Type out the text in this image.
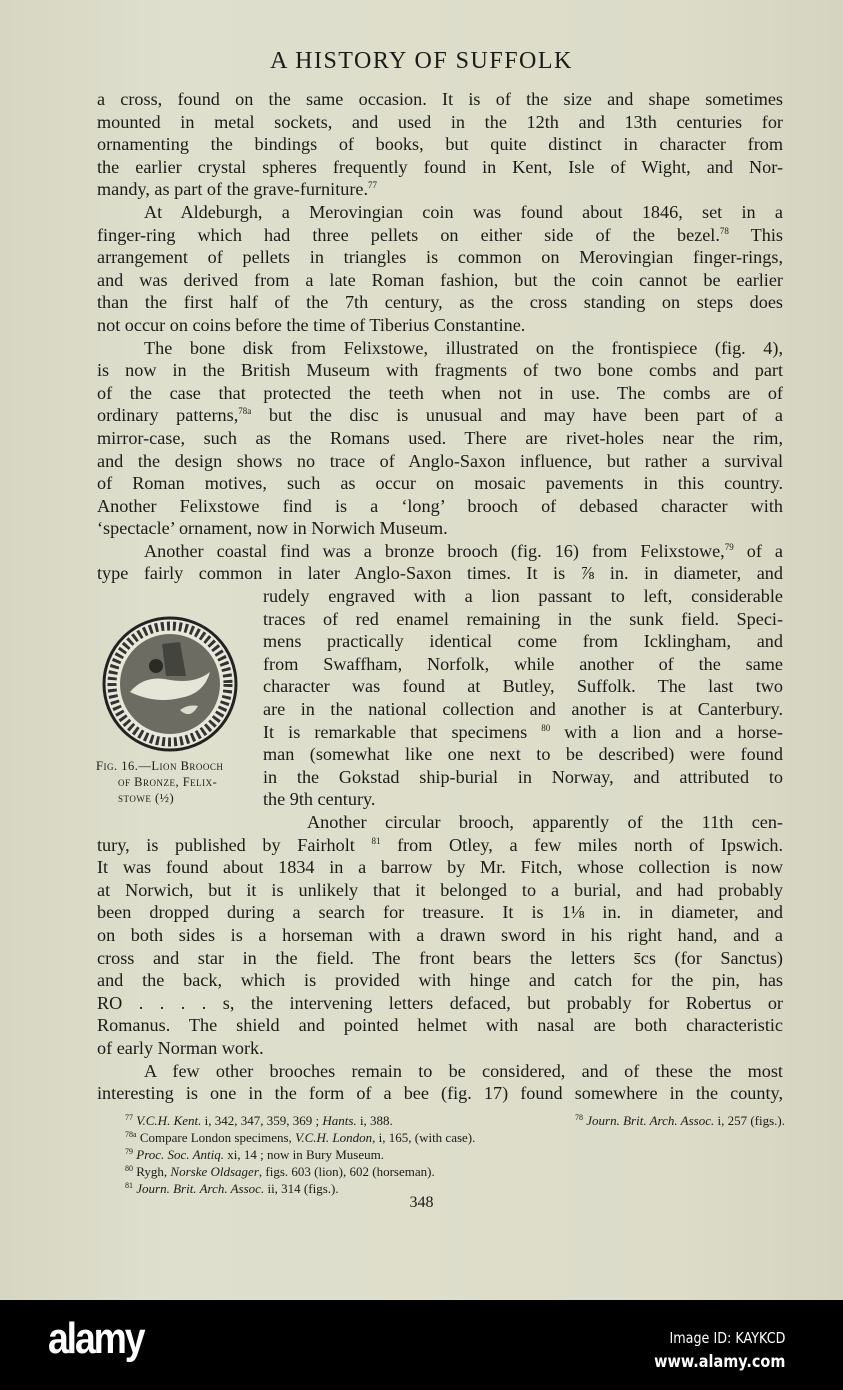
A HISTORY OF SUFFOLK
a cross, found on the same occasion. It is of the size and shape sometimes
mounted in metal sockets, and used in the 12th and 13th centuries for
ornamenting the bindings of books, but quite distinct in character from
the earlier crystal spheres frequently found in Kent, Isle of Wight, and Nor-
mandy, as part of the grave-furniture.$^{77}$
At Aldeburgh, a Merovingian coin was found about 1846, set in a
finger-ring which had three pellets on either side of the bezel.$^{78}$ This
arrangement of pellets in triangles is common on Merovingian finger-rings,
and was derived from a late Roman fashion, but the coin cannot be earlier
than the first half of the 7th century, as the cross standing on steps does
not occur on coins before the time of Tiberius Constantine.
The bone disk from Felixstowe, illustrated on the frontispiece (fig. 4),
is now in the British Museum with fragments of two bone combs and part
of the case that protected the teeth when not in use. The combs are of
ordinary patterns,$^{78a}$ but the disc is unusual and may have been part of a
mirror-case, such as the Romans used. There are rivet-holes near the rim,
and the design shows no trace of Anglo-Saxon influence, but rather a survival
of Roman motives, such as occur on mosaic pavements in this country.
Another Felixstowe find is a ‘long’ brooch of debased character with
‘spectacle’ ornament, now in Norwich Museum.
Another coastal find was a bronze brooch (fig. 16) from Felixstowe,$^{79}$ of a
type fairly common in later Anglo-Saxon times. It is ⅞ in. in diameter, and
rudely engraved with a lion passant to left, considerable
traces of red enamel remaining in the sunk field. Speci-
mens practically identical come from Icklingham, and
from Swaffham, Norfolk, while another of the same
character was found at Butley, Suffolk. The last two
are in the national collection and another is at Canterbury.
It is remarkable that specimens $^{80}$ with a lion and a horse-
man (somewhat like one next to be described) were found
in the Gokstad ship-burial in Norway, and attributed to
the 9th century.
Another circular brooch, apparently of the 11th cen-
tury, is published by Fairholt $^{81}$ from Otley, a few miles north of Ipswich.
It was found about 1834 in a barrow by Mr. Fitch, whose collection is now
at Norwich, but it is unlikely that it belonged to a burial, and had probably
been dropped during a search for treasure. It is 1⅛ in. in diameter, and
on both sides is a horseman with a drawn sword in his right hand, and a
cross and star in the field. The front bears the letters s̄cs (for Sanctus)
and the back, which is provided with hinge and catch for the pin, has
RO . . . . s, the intervening letters defaced, but probably for Robertus or
Romanus. The shield and pointed helmet with nasal are both characteristic
of early Norman work.
A few other brooches remain to be considered, and of these the most
interesting is one in the form of a bee (fig. 17) found somewhere in the county,
Fig. 16.—Lion Brooch
of Bronze, Felix-
stowe (½)
$^{77}$ V.C.H. Kent. i, 342, 347, 359, 369 ; Hants. i, 388.	$^{78}$ Journ. Brit. Arch. Assoc. i, 257 (figs.).
$^{78a}$ Compare London specimens, V.C.H. London, i, 165, (with case).
$^{79}$ Proc. Soc. Antiq. xi, 14 ; now in Bury Museum.
$^{80}$ Rygh, Norske Oldsager, figs. 603 (lion), 602 (horseman).
$^{81}$ Journ. Brit. Arch. Assoc. ii, 314 (figs.).
348
alamy	Image ID: KAYKCD
www.alamy.com
